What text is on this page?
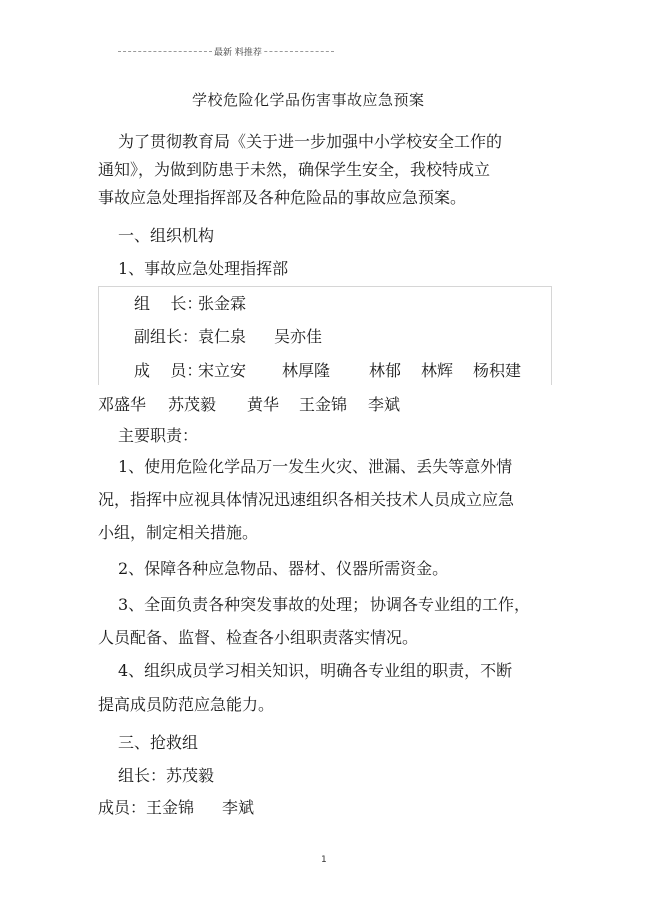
最新 料推荐
学校危险化学品伤害事故应急预案
为了贯彻教育局《关于进一步加强中小学校安全工作的
通知》，为做到防患于未然，确保学生安全，我校特成立
事故应急处理指挥部及各种危险品的事故应急预案。
一、组织机构
1、事故应急处理指挥部
组    长：
张金霖
副组长： 袁仁泉 吴亦佳
成    员：
宋立安 林厚隆 林郁 林辉 杨积建
邓盛华 苏茂毅 黄华 王金锦 李斌
主要职责：
1、使用危险化学品万一发生火灾、泄漏、丢失等意外情
况，指挥中应视具体情况迅速组织各相关技术人员成立应急
小组，制定相关措施。
2、保障各种应急物品、器材、仪器所需资金。
3、全面负责各种突发事故的处理； 协调各专业组的工作，
人员配备、监督、检查各小组职责落实情况。
4、组织成员学习相关知识，明确各专业组的职责，不断
提高成员防范应急能力。
三、抢救组
组长：苏茂毅
成员： 王金锦 李斌
1
